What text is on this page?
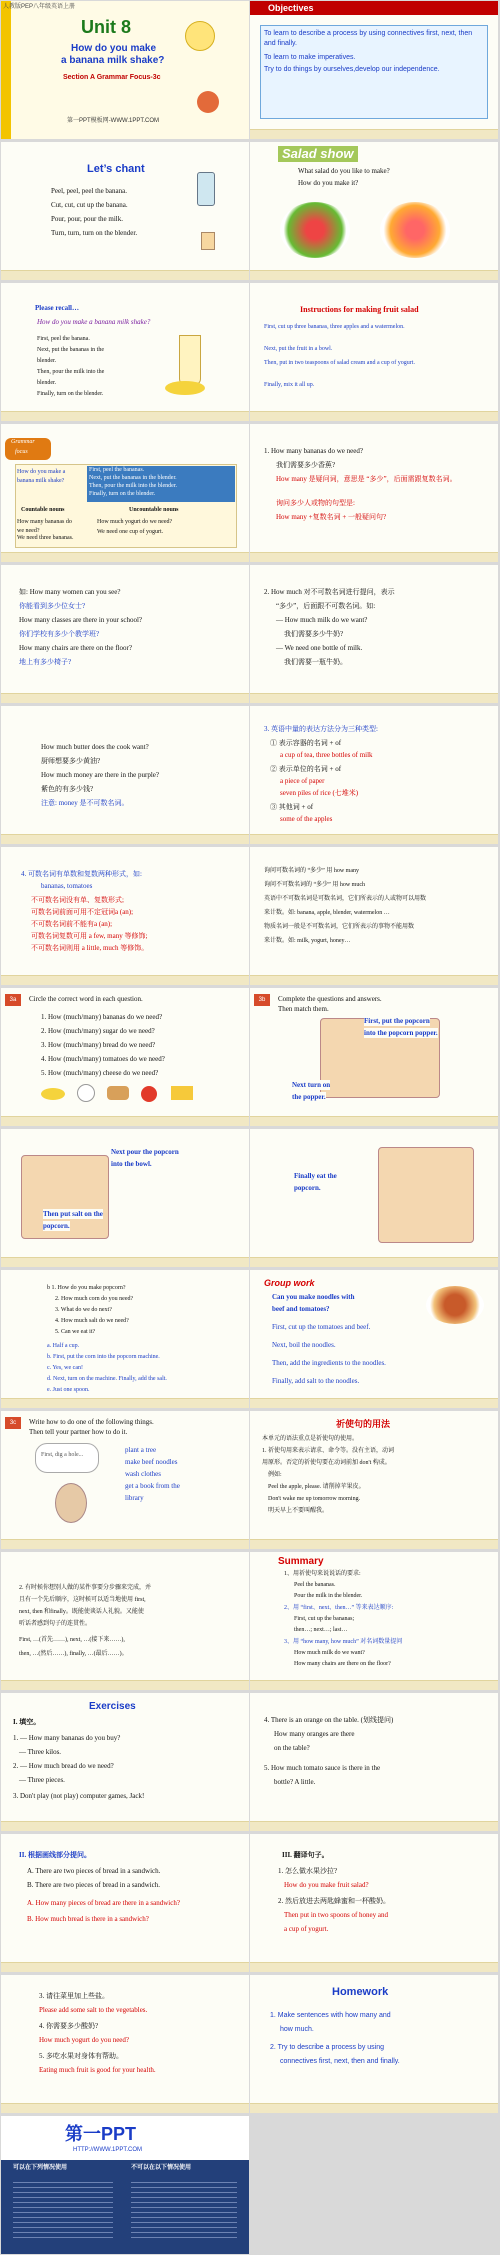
人教版PEP八年级英语上册
Unit 8
How do you make
a banana milk shake?
Section A Grammar Focus-3c
第一PPT模板网-WWW.1PPT.COM
Objectives
To learn to describe a process by using connectives first, next, then and finally.
To learn to make imperatives.
Try to do things by ourselves,develop our independence.
Let’s chant
Peel, peel, peel the banana.
Cut, cut, cut up the banana.
Pour, pour, pour the milk.
Turn, turn, turn on the blender.
Salad show
What salad do you like to make?
How do you make it?
Please recall…
How do you make a banana milk shake?
First, peel the banana.
Next, put the bananas in the
blender.
Then, pour the milk into the
blender.
Finally, turn on the blender.
Instructions for making fruit salad
First, cut up three bananas, three apples and a watermelon.
Next, put the fruit in a bowl.
Then, put in two teaspoons of salad cream and a cup of yogurt.
Finally, mix it all up.
Grammar
focus
How do you make a banana milk shake?
First, peel the bananas.
Next, put the bananas in the blender.
Then, pour the milk into the blender.
Finally, turn on the blender.
Countable nouns	Uncountable nouns
How many bananas do we need?
We need three bananas.
How much yogurt do we need?
We need one cup of yogurt.
1. How many bananas do we need?
我们需要多少香蕉?
How many 是疑问词，意思是 “多少”，后面需跟复数名词。
询问多少人或物的句型是:
How many +复数名词 + 一般疑问句?
如: How many women can you see?
你能看到多少位女士?
How many classes are there in your school?
你们学校有多少个教学班?
How many chairs are there on the floor?
地上有多少椅子?
2. How much 对不可数名词进行提问，表示
“多少”，后面跟不可数名词。如:
— How much milk do we want?
我们需要多少牛奶?
— We need one bottle of milk.
我们需要一瓶牛奶。
How much butter does the cook want?
厨师想要多少黄油?
How much money are there in the purple?
紫色的有多少钱?
注意: money 是不可数名词。
3. 英语中量的表达方法分为三种类型:
① 表示容器的名词 + of
a cup of tea, three bottles of milk
② 表示单位的名词 + of
a piece of paper
seven piles of rice (七堆米)
③ 其他词 + of
some of the apples
4. 可数名词有单数和复数两种形式，如:
bananas, tomatoes
不可数名词没有单、复数形式;
可数名词前面可用不定冠词a (an);
不可数名词前不能有a (an);
可数名词复数可用 a few, many 等修饰;
不可数名词则用 a little, much 等修饰。
询问可数名词的 “多少” 用 how many
询问不可数名词的 “多少” 用 how much
英语中不可数名词是可数名词，它们所表示的人或物可以用数
来计数。如: banana, apple, blender, watermelon …
物质名词一般是不可数名词，它们所表示的事物不能用数
来计数。如: milk, yogurt, honey…
3a	Circle the correct word in each question.
1. How (much/many) bananas do we need?
2. How (much/many) sugar do we need?
3. How (much/many) bread do we need?
4. How (much/many) tomatoes do we need?
5. How (much/many) cheese do we need?
3b	Complete the questions and answers.
Then match them.
First, put the popcorn
into the popcorn popper.
Next turn on
the popper.
Next pour the popcorn
into the bowl.
Then put salt on the
popcorn.
Finally eat the
popcorn.
b 1. How do you make popcorn?
2. How much corn do you need?
3. What do we do next?
4. How much salt do we need?
5. Can we eat it?
a. Half a cup.
b. First, put the corn into the popcorn machine.
c. Yes, we can!
d. Next, turn on the machine. Finally, add the salt.
e. Just one spoon.
Group work
Can you make noodles with
beef and tomatoes?
First, cut up the tomatoes and beef.
Next, boil the noodles.
Then, add the ingredients to the noodles.
Finally, add salt to the noodles.
3c	Write how to do one of the following things.
Then tell your partner how to do it.
First, dig a hole...
plant a tree
make beef noodles
wash clothes
get a book from the
library
祈使句的用法
本单元的语法重点是祈使句的使用。
1. 祈使句用来表示请求、命令等。没有主语，动词
用原形。否定的祈使句要在动词前加 don't 构成。
例如:
Peel the apple, please. 请削掉苹果皮。
Don't wake me up tomorrow morning.
明天早上不要叫醒我。
2. 有时候你想别人做的某件事要分步骤来完成，并
且有一个先后顺序，这时候可以适当地使用 first,
next, then 和finally。既能使谈话人礼貌。又能使
听话者感到句子的连贯性。
First, …(首先……), next, …(接下来……),
then, …(然后……), finally, …(最后……)。
Summary
1、用祈使句来说说话的要求:
Peel the bananas.
Pour the milk in the blender.
2、用 “first、next、then…” 等来表达顺序:
First, cut up the bananas;
then…; next…; last…
3、用 “how many, how much” 对名词数量提问
How much milk do we want?
How many chairs are there on the floor?
Exercises
I. 填空。
1. — How many bananas do you buy?
— Three kilos.
2. — How much bread do we need?
— Three pieces.
3. Don't play (not play) computer games, Jack!
4. There is an orange on the table. (划线提问)
How many oranges are there
on the table?
5. How much tomato sauce is there in the
bottle? A little.
II. 根据画线部分提问。
A. There are two pieces of bread in a sandwich.
B. There are two pieces of bread in a sandwich.
A. How many pieces of bread are there in a sandwich?
B. How much bread is there in a sandwich?
III. 翻译句子。
1. 怎么做水果沙拉?
How do you make fruit salad?
2. 然后放进去两匙蜂蜜和一杯酸奶。
Then put in two spoons of honey and
a cup of yogurt.
3. 请往菜里加上些盐。
Please add some salt to the vegetables.
4. 你需要多少酸奶?
How much yogurt do you need?
5. 多吃水果对身体有帮助。
Eating much fruit is good for your health.
Homework
1. Make sentences with how many and
how much.
2. Try to describe a process by using
connectives first, next, then and finally.
第一PPT
HTTP://WWW.1PPT.COM
可以在下列情况使用	不可以在以下情况使用
